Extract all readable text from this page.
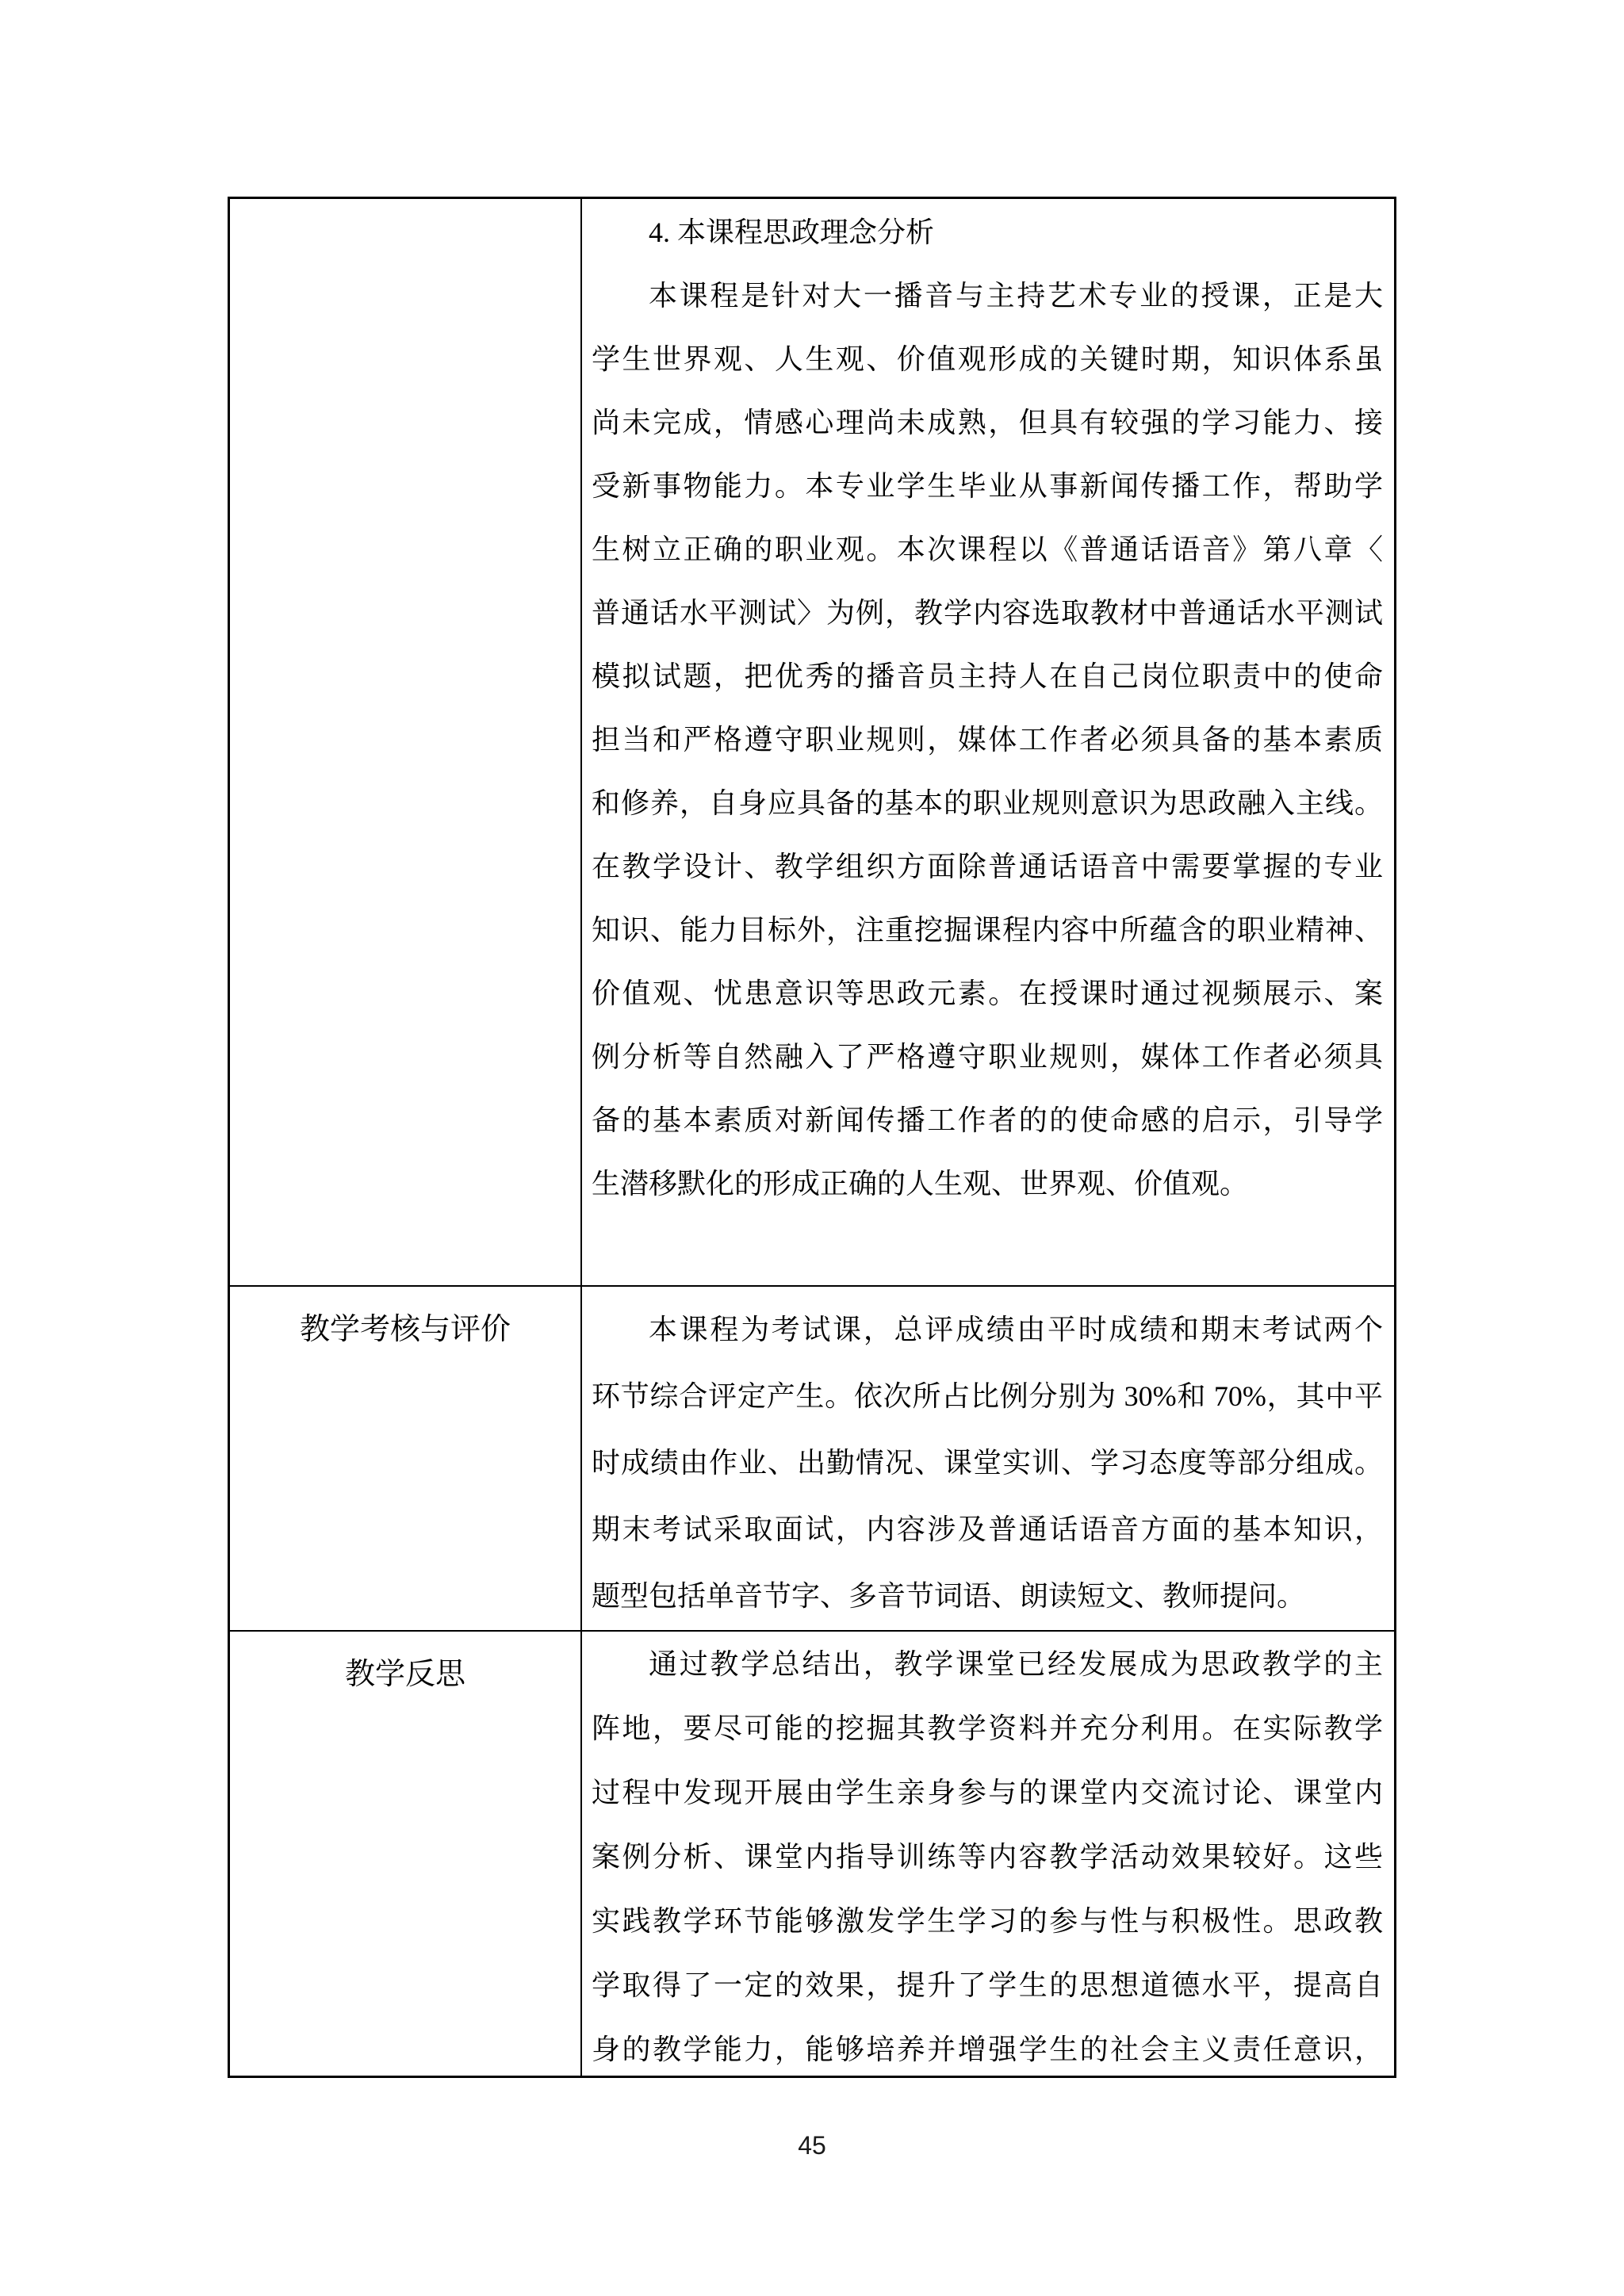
4. 本课程思政理念分析
本课程是针对大一播音与主持艺术专业的授课，正是大
学生世界观、人生观、价值观形成的关键时期，知识体系虽
尚未完成，情感心理尚未成熟，但具有较强的学习能力、接
受新事物能力。本专业学生毕业从事新闻传播工作，帮助学
生树立正确的职业观。本次课程以《普通话语音》第八章〈
普通话水平测试〉为例，教学内容选取教材中普通话水平测试
模拟试题，把优秀的播音员主持人在自己岗位职责中的使命
担当和严格遵守职业规则，媒体工作者必须具备的基本素质
和修养，自身应具备的基本的职业规则意识为思政融入主线。
在教学设计、教学组织方面除普通话语音中需要掌握的专业
知识、能力目标外，注重挖掘课程内容中所蕴含的职业精神、
价值观、忧患意识等思政元素。在授课时通过视频展示、案
例分析等自然融入了严格遵守职业规则，媒体工作者必须具
备的基本素质对新闻传播工作者的的使命感的启示，引导学
生潜移默化的形成正确的人生观、世界观、价值观。
教学考核与评价	本课程为考试课，总评成绩由平时成绩和期末考试两个
环节综合评定产生。依次所占比例分别为 30%和 70%，其中平
时成绩由作业、出勤情况、课堂实训、学习态度等部分组成。
期末考试采取面试，内容涉及普通话语音方面的基本知识，
题型包括单音节字、多音节词语、朗读短文、教师提问。
教学反思	通过教学总结出，教学课堂已经发展成为思政教学的主
阵地，要尽可能的挖掘其教学资料并充分利用。在实际教学
过程中发现开展由学生亲身参与的课堂内交流讨论、课堂内
案例分析、课堂内指导训练等内容教学活动效果较好。这些
实践教学环节能够激发学生学习的参与性与积极性。思政教
学取得了一定的效果，提升了学生的思想道德水平，提高自
身的教学能力，能够培养并增强学生的社会主义责任意识，
45
